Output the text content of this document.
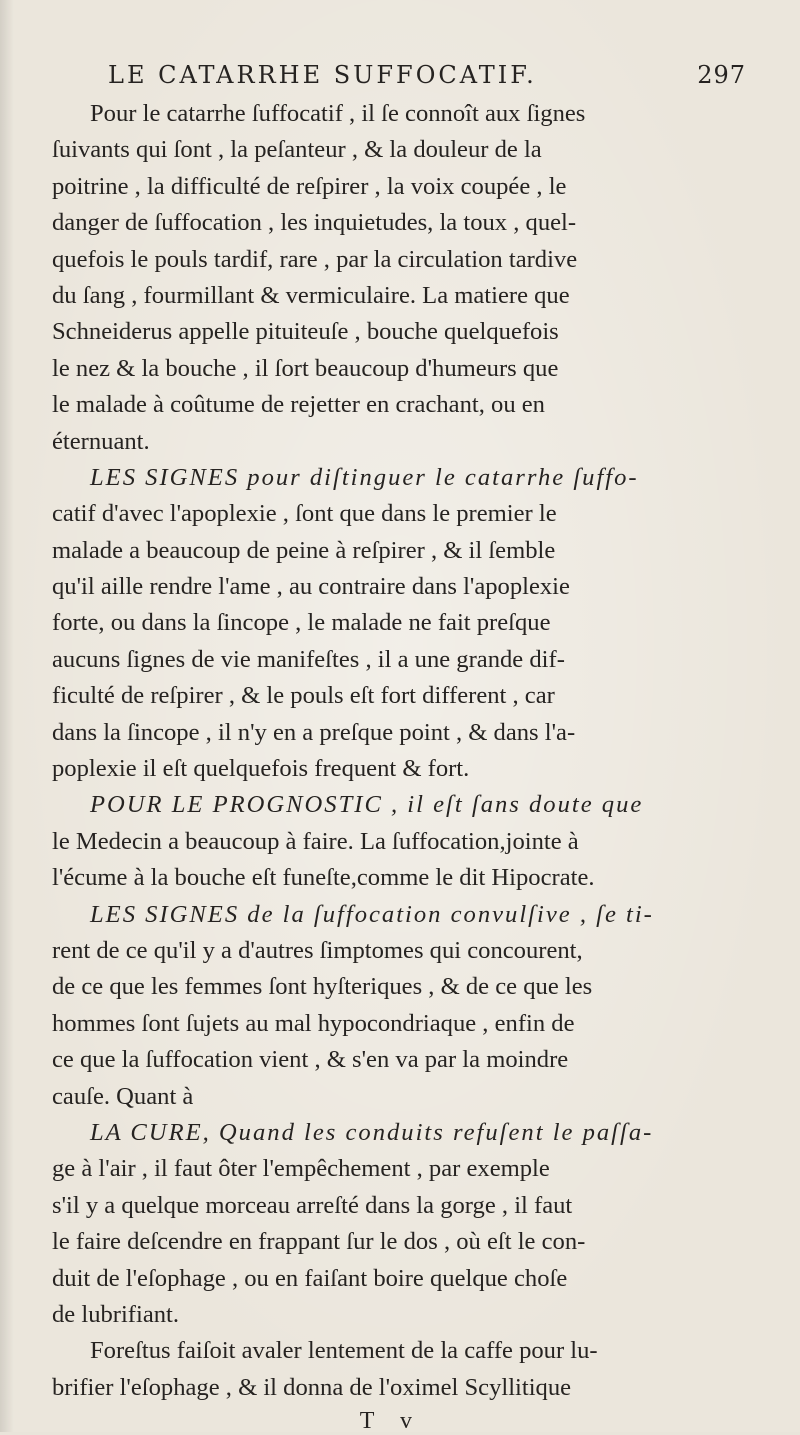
LE CATARRHE SUFFOCATIF.	297
Pour le catarrhe ſuffocatif , il ſe connoît aux ſignes
ſuivants qui ſont , la peſanteur , & la douleur de la
poitrine , la difficulté de reſpirer , la voix coupée , le
danger de ſuffocation , les inquietudes, la toux , quel-
quefois le pouls tardif, rare , par la circulation tardive
du ſang , fourmillant & vermiculaire. La matiere que
Schneiderus appelle pituiteuſe , bouche quelquefois
le nez & la bouche , il ſort beaucoup d'humeurs que
le malade à coûtume de rejetter en crachant, ou en
éternuant.
LES SIGNES pour diſtinguer le catarrhe ſuffo-
catif d'avec l'apoplexie , ſont que dans le premier le
malade a beaucoup de peine à reſpirer , & il ſemble
qu'il aille rendre l'ame , au contraire dans l'apoplexie
forte, ou dans la ſincope , le malade ne fait preſque
aucuns ſignes de vie manifeſtes , il a une grande dif-
ficulté de reſpirer , & le pouls eſt fort different , car
dans la ſincope , il n'y en a preſque point , & dans l'a-
poplexie il eſt quelquefois frequent & fort.
POUR LE PROGNOSTIC , il eſt ſans doute que
le Medecin a beaucoup à faire. La ſuffocation,jointe à
l'écume à la bouche eſt funeſte,comme le dit Hipocrate.
LES SIGNES de la ſuffocation convulſive , ſe ti-
rent de ce qu'il y a d'autres ſimptomes qui concourent,
de ce que les femmes ſont hyſteriques , & de ce que les
hommes ſont ſujets au mal hypocondriaque , enfin de
ce que la ſuffocation vient , & s'en va par la moindre
cauſe. Quant à
LA CURE, Quand les conduits refuſent le paſſa-
ge à l'air , il faut ôter l'empêchement , par exemple
s'il y a quelque morceau arreſté dans la gorge , il faut
le faire deſcendre en frappant ſur le dos , où eſt le con-
duit de l'eſophage , ou en faiſant boire quelque choſe
de lubrifiant.
Foreſtus faiſoit avaler lentement de la caffe pour lu-
brifier l'eſophage , & il donna de l'oximel Scyllitique
T v
